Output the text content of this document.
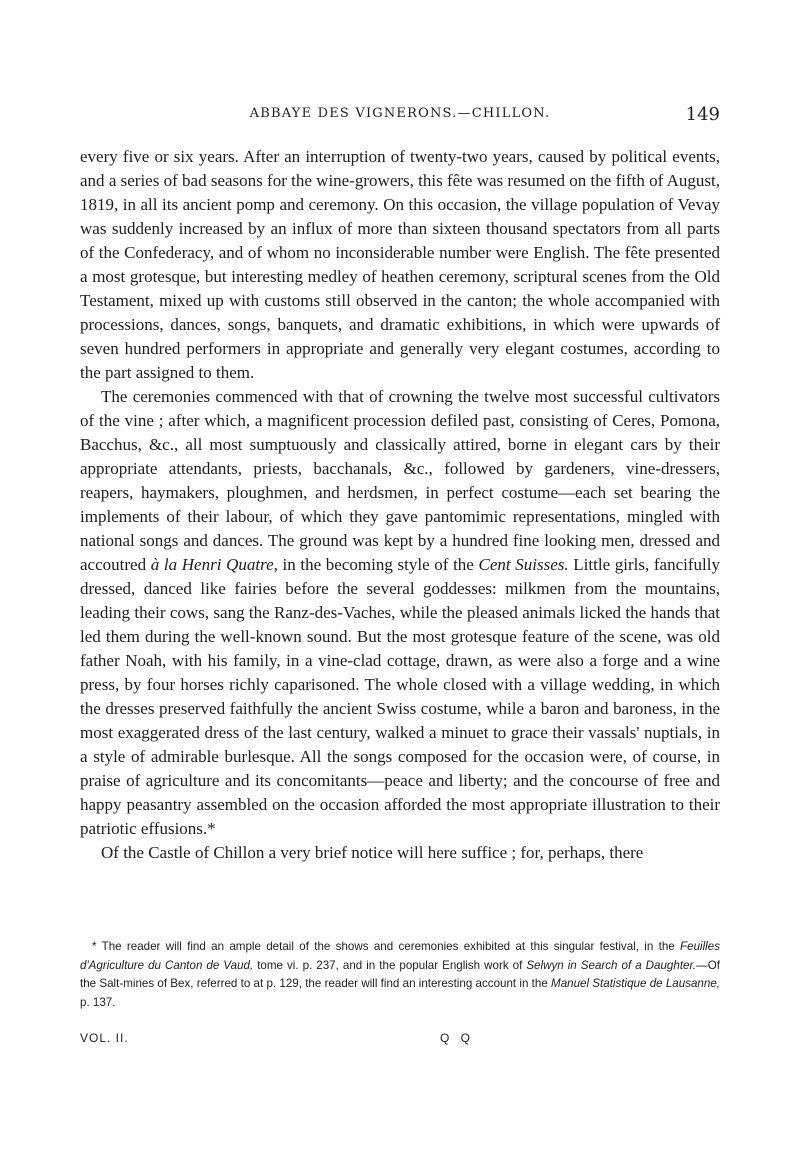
ABBAYE DES VIGNERONS.—CHILLON.	149

every five or six years. After an interruption of twenty-two years, caused by political events, and a series of bad seasons for the wine-growers, this fête was resumed on the fifth of August, 1819, in all its ancient pomp and ceremony. On this occasion, the village population of Vevay was suddenly increased by an influx of more than sixteen thousand spectators from all parts of the Confederacy, and of whom no inconsiderable number were English. The fête presented a most grotesque, but interesting medley of heathen ceremony, scriptural scenes from the Old Testament, mixed up with customs still observed in the canton; the whole accompanied with processions, dances, songs, banquets, and dramatic exhibitions, in which were upwards of seven hundred performers in appropriate and generally very elegant costumes, according to the part assigned to them.

The ceremonies commenced with that of crowning the twelve most successful cultivators of the vine ; after which, a magnificent procession defiled past, consisting of Ceres, Pomona, Bacchus, &c., all most sumptuously and classically attired, borne in elegant cars by their appropriate attendants, priests, bacchanals, &c., followed by gardeners, vine-dressers, reapers, haymakers, ploughmen, and herdsmen, in perfect costume—each set bearing the implements of their labour, of which they gave pantomimic representations, mingled with national songs and dances. The ground was kept by a hundred fine looking men, dressed and accoutred à la Henri Quatre, in the becoming style of the Cent Suisses. Little girls, fancifully dressed, danced like fairies before the several goddesses: milkmen from the mountains, leading their cows, sang the Ranz-des-Vaches, while the pleased animals licked the hands that led them during the well-known sound. But the most grotesque feature of the scene, was old father Noah, with his family, in a vine-clad cottage, drawn, as were also a forge and a wine press, by four horses richly caparisoned. The whole closed with a village wedding, in which the dresses preserved faithfully the ancient Swiss costume, while a baron and baroness, in the most exaggerated dress of the last century, walked a minuet to grace their vassals' nuptials, in a style of admirable burlesque. All the songs composed for the occasion were, of course, in praise of agriculture and its concomitants—peace and liberty; and the concourse of free and happy peasantry assembled on the occasion afforded the most appropriate illustration to their patriotic effusions.*

Of the Castle of Chillon a very brief notice will here suffice ; for, perhaps, there

* The reader will find an ample detail of the shows and ceremonies exhibited at this singular festival, in the Feuilles d'Agriculture du Canton de Vaud, tome vi. p. 237, and in the popular English work of Selwyn in Search of a Daughter.—Of the Salt-mines of Bex, referred to at p. 129, the reader will find an interesting account in the Manuel Statistique de Lausanne, p. 137.
VOL. II.	Q Q
